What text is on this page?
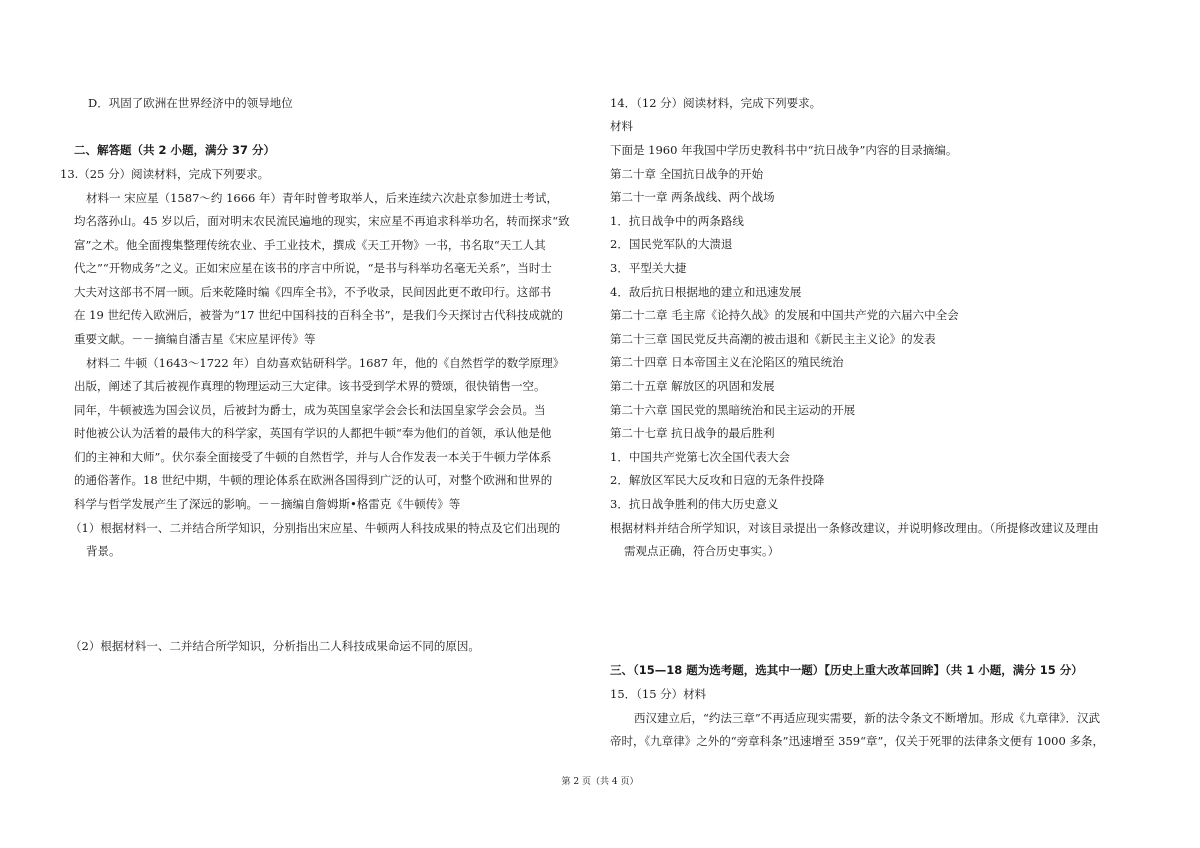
D．巩固了欧洲在世界经济中的领导地位
二、解答题（共 2 小题，满分 37 分）
13.（25 分）阅读材料，完成下列要求。
材料一 宋应星（1587～约 1666 年）青年时曾考取举人，后来连续六次赴京参加进士考试，
均名落孙山。45 岁以后，面对明末农民流民遍地的现实，宋应星不再追求科举功名，转而探求“致
富”之术。他全面搜集整理传统农业、手工业技术，撰成《天工开物》一书，书名取“天工人其
代之”“开物成务”之义。正如宋应星在该书的序言中所说，“是书与科举功名毫无关系”，当时士
大夫对这部书不屑一顾。后来乾隆时编《四库全书》，不予收录，民间因此更不敢印行。这部书
在 19 世纪传入欧洲后，被誉为“17 世纪中国科技的百科全书”，是我们今天探讨古代科技成就的
重要文献。－－摘编自潘吉星《宋应星评传》等
材料二 牛顿（1643～1722 年）自幼喜欢钻研科学。1687 年，他的《自然哲学的数学原理》
出版，阐述了其后被视作真理的物理运动三大定律。该书受到学术界的赞颂，很快销售一空。
同年，牛顿被选为国会议员，后被封为爵士，成为英国皇家学会会长和法国皇家学会会员。当
时他被公认为活着的最伟大的科学家，英国有学识的人都把牛顿“奉为他们的首领，承认他是他
们的主神和大师”。伏尔泰全面接受了牛顿的自然哲学，并与人合作发表一本关于牛顿力学体系
的通俗著作。18 世纪中期，牛顿的理论体系在欧洲各国得到广泛的认可，对整个欧洲和世界的
科学与哲学发展产生了深远的影响。－－摘编自詹姆斯•格雷克《牛顿传》等
（1）根据材料一、二并结合所学知识，分别指出宋应星、牛顿两人科技成果的特点及它们出现的
背景。
（2）根据材料一、二并结合所学知识，分析指出二人科技成果命运不同的原因。
14．（12 分）阅读材料，完成下列要求。
材料
下面是 1960 年我国中学历史教科书中“抗日战争”内容的目录摘编。
第二十章 全国抗日战争的开始
第二十一章 两条战线、两个战场
1．抗日战争中的两条路线
2．国民党军队的大溃退
3．平型关大捷
4．敌后抗日根据地的建立和迅速发展
第二十二章 毛主席《论持久战》的发展和中国共产党的六届六中全会
第二十三章 国民党反共高潮的被击退和《新民主主义论》的发表
第二十四章 日本帝国主义在沦陷区的殖民统治
第二十五章 解放区的巩固和发展
第二十六章 国民党的黑暗统治和民主运动的开展
第二十七章 抗日战争的最后胜利
1．中国共产党第七次全国代表大会
2．解放区军民大反攻和日寇的无条件投降
3．抗日战争胜利的伟大历史意义
根据材料并结合所学知识，对该目录提出一条修改建议，并说明修改理由。（所提修改建议及理由
需观点正确，符合历史事实。）
三、（15—18 题为选考题，选其中一题）【历史上重大改革回眸】（共 1 小题，满分 15 分）
15．（15 分）材料
西汉建立后，“约法三章”不再适应现实需要，新的法令条文不断增加。形成《九章律》．汉武
帝时，《九章律》之外的“旁章科条”迅速增至 359“章”，仅关于死罪的法律条文便有 1000 多条，
第 2 页（共 4 页）
